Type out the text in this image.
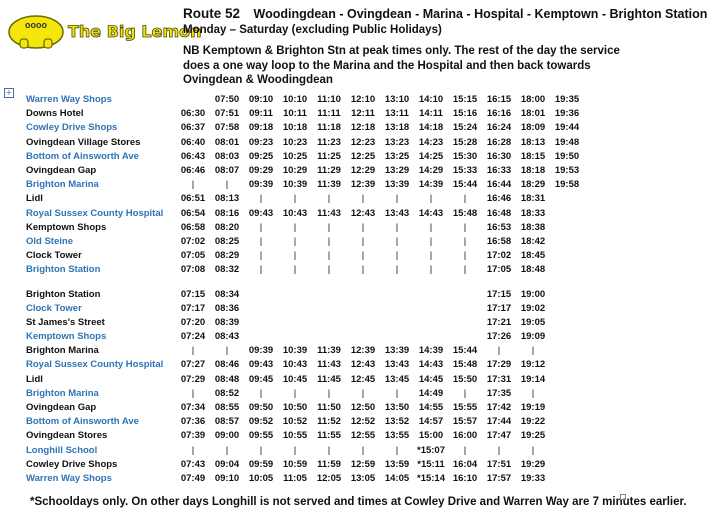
oooo The Big Lemon
Route 52 Woodingdean - Ovingdean - Marina - Hospital - Kemptown - Brighton Station
Monday – Saturday (excluding Public Holidays)
NB Kemptown & Brighton Stn at peak times only. The rest of the day the service does a one way loop to the Marina and the Hospital and then back towards Ovingdean & Woodingdean
+
Warren Way Shops		07:50	09:10	10:10	11:10	12:10	13:10	14:10	15:15	16:15	18:00	19:35
Downs Hotel	06:30	07:51	09:11	10:11	11:11	12:11	13:11	14:11	15:16	16:16	18:01	19:36
Cowley Drive Shops	06:37	07:58	09:18	10:18	11:18	12:18	13:18	14:18	15:24	16:24	18:09	19:44
Ovingdean Village Stores	06:40	08:01	09:23	10:23	11:23	12:23	13:23	14:23	15:28	16:28	18:13	19:48
Bottom of Ainsworth Ave	06:43	08:03	09:25	10:25	11:25	12:25	13:25	14:25	15:30	16:30	18:15	19:50
Ovingdean Gap	06:46	08:07	09:29	10:29	11:29	12:29	13:29	14:29	15:33	16:33	18:18	19:53
Brighton Marina	|	|	09:39	10:39	11:39	12:39	13:39	14:39	15:44	16:44	18:29	19:58
Lidl	06:51	08:13	|	|	|	|	|	|	|	16:46	18:31	
Royal Sussex County Hospital	06:54	08:16	09:43	10:43	11:43	12:43	13:43	14:43	15:48	16:48	18:33	
Kemptown Shops	06:58	08:20	|	|	|	|	|	|	|	16:53	18:38	
Old Steine	07:02	08:25	|	|	|	|	|	|	|	16:58	18:42	
Clock Tower	07:05	08:29	|	|	|	|	|	|	|	17:02	18:45	
Brighton Station	07:08	08:32	|	|	|	|	|	|	|	17:05	18:48	

Brighton Station	07:15	08:34								17:15	19:00	
Clock Tower	07:17	08:36								17:17	19:02	
St James's Street	07:20	08:39								17:21	19:05	
Kemptown Shops	07:24	08:43								17:26	19:09	
Brighton Marina	|	|	09:39	10:39	11:39	12:39	13:39	14:39	15:44	|	|	
Royal Sussex County Hospital	07:27	08:46	09:43	10:43	11:43	12:43	13:43	14:43	15:48	17:29	19:12	
Lidl	07:29	08:48	09:45	10:45	11:45	12:45	13:45	14:45	15:50	17:31	19:14	
Brighton Marina	|	08:52	|	|	|	|	|	14:49	|	17:35	|	
Ovingdean Gap	07:34	08:55	09:50	10:50	11:50	12:50	13:50	14:55	15:55	17:42	19:19	
Bottom of Ainsworth Ave	07:36	08:57	09:52	10:52	11:52	12:52	13:52	14:57	15:57	17:44	19:22	
Ovingdean Stores	07:39	09:00	09:55	10:55	11:55	12:55	13:55	15:00	16:00	17:47	19:25	
Longhill School	|	|	|	|	|	|	|	*15:07	|	|	|	
Cowley Drive Shops	07:43	09:04	09:59	10:59	11:59	12:59	13:59	*15:11	16:04	17:51	19:29	
Warren Way Shops	07:49	09:10	10:05	11:05	12:05	13:05	14:05	*15:14	16:10	17:57	19:33	
*Schooldays only. On other days Longhill is not served and times at Cowley Drive and Warren Way are 7 minutes earlier.
